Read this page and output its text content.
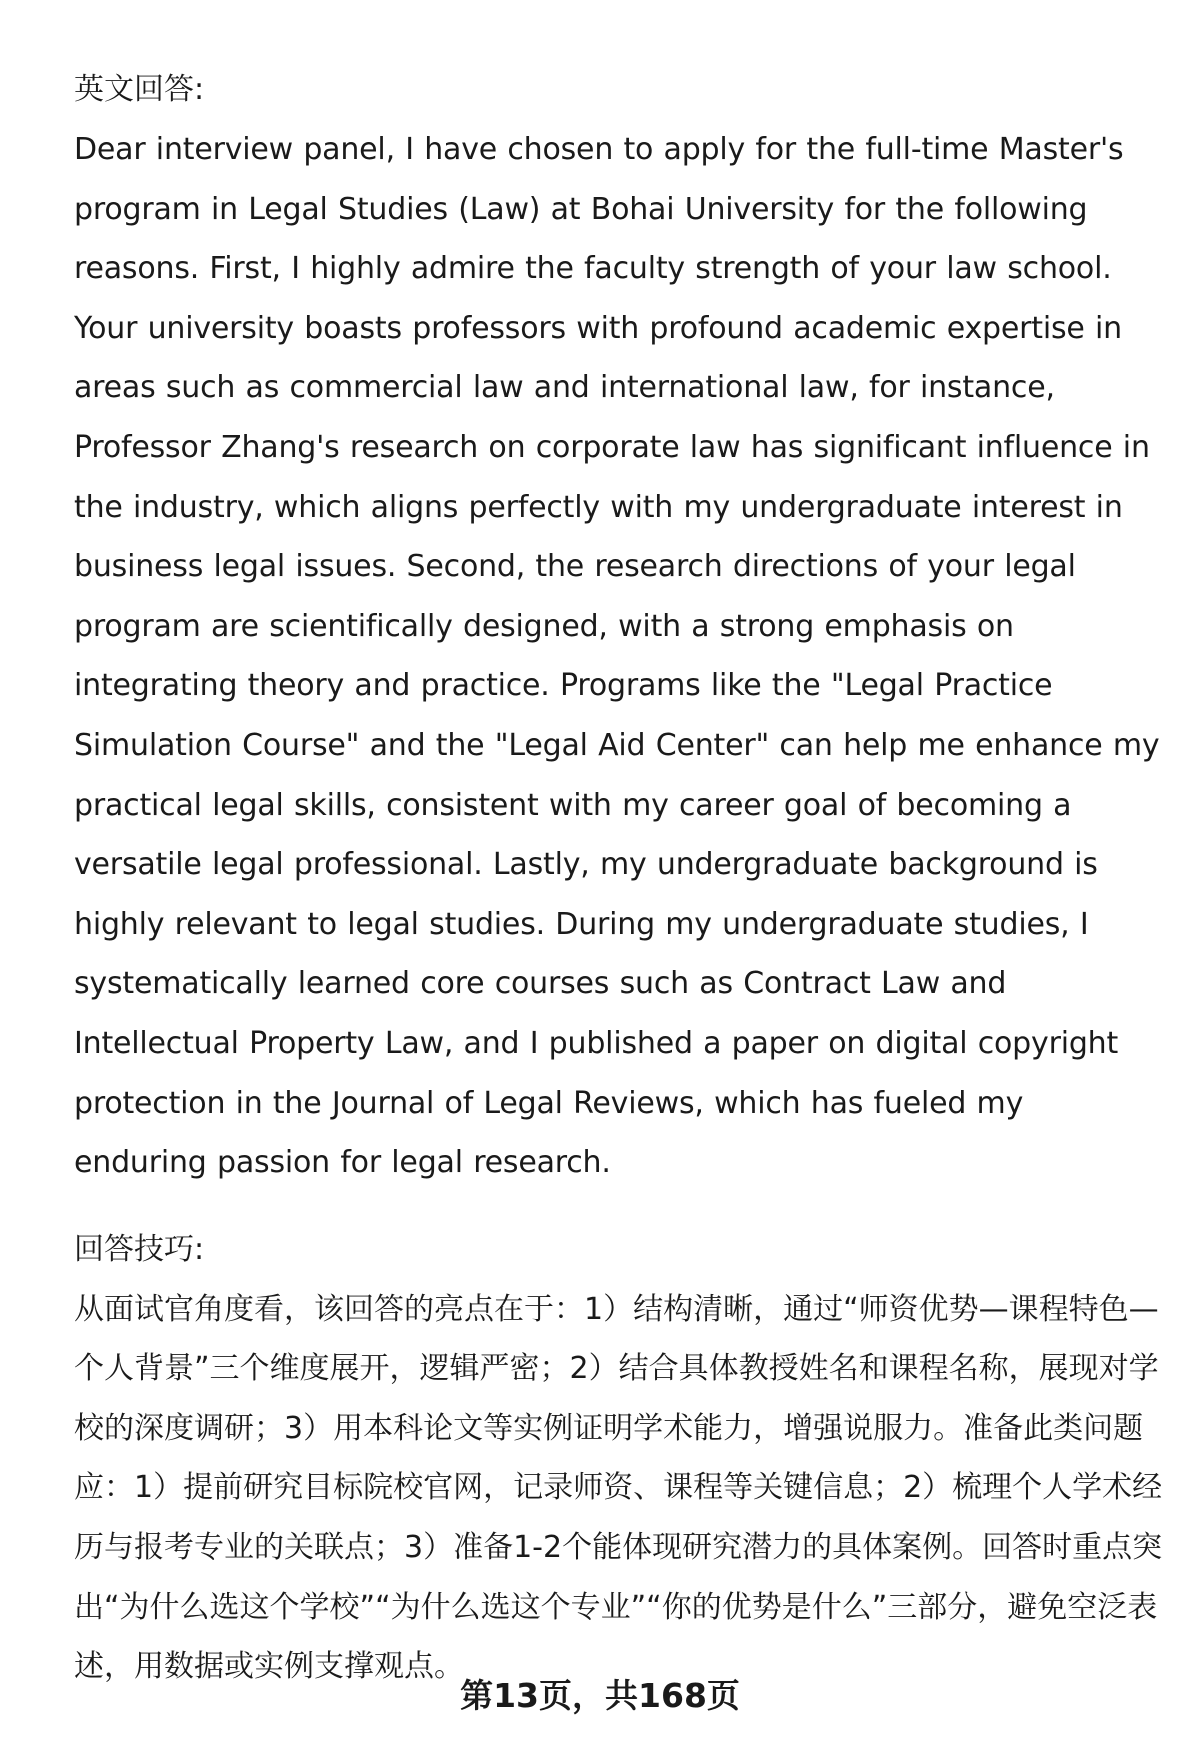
英文回答:

Dear interview panel, I have chosen to apply for the full-time Master's program in Legal Studies (Law) at Bohai University for the following reasons. First, I highly admire the faculty strength of your law school. Your university boasts professors with profound academic expertise in areas such as commercial law and international law, for instance, Professor Zhang's research on corporate law has significant influence in the industry, which aligns perfectly with my undergraduate interest in business legal issues. Second, the research directions of your legal program are scientifically designed, with a strong emphasis on integrating theory and practice. Programs like the "Legal Practice Simulation Course" and the "Legal Aid Center" can help me enhance my practical legal skills, consistent with my career goal of becoming a versatile legal professional. Lastly, my undergraduate background is highly relevant to legal studies. During my undergraduate studies, I systematically learned core courses such as Contract Law and Intellectual Property Law, and I published a paper on digital copyright protection in the Journal of Legal Reviews, which has fueled my enduring passion for legal research.

回答技巧:

从面试官角度看，该回答的亮点在于：1）结构清晰，通过“师资优势—课程特色—个人背景”三个维度展开，逻辑严密；2）结合具体教授姓名和课程名称，展现对学校的深度调研；3）用本科论文等实例证明学术能力，增强说服力。准备此类问题应：1）提前研究目标院校官网，记录师资、课程等关键信息；2）梳理个人学术经历与报考专业的关联点；3）准备1-2个能体现研究潜力的具体案例。回答时重点突出“为什么选这个学校”“为什么选这个专业”“你的优势是什么”三部分，避免空泛表述，用数据或实例支撑观点。

第13页，共168页
